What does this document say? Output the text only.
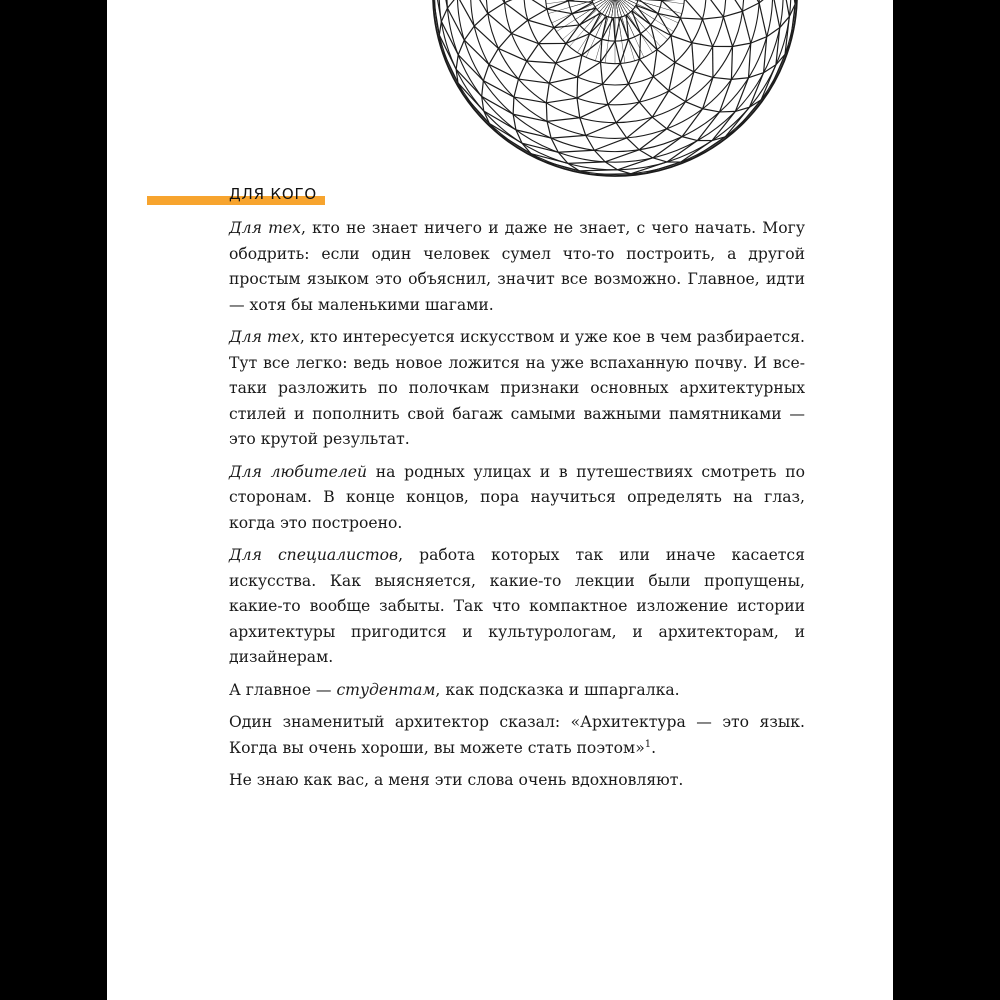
ДЛЯ КОГО

Для тех, кто не знает ничего и даже не знает, с чего начать. Могу ободрить: если один человек сумел что-то построить, а другой простым языком это объяснил, значит все возможно. Главное, идти — хотя бы маленькими шагами.

Для тех, кто интересуется искусством и уже кое в чем разбирается. Тут все легко: ведь новое ложится на уже вспаханную почву. И все-таки разложить по полочкам признаки основных архитектурных стилей и пополнить свой багаж самыми важными памятниками — это крутой результат.

Для любителей на родных улицах и в путешествиях смотреть по сторонам. В конце концов, пора научиться определять на глаз, когда это построено.

Для специалистов, работа которых так или иначе касается искусства. Как выясняется, какие-то лекции были пропущены, какие-то вообще забыты. Так что компактное изложение истории архитектуры пригодится и культурологам, и архитекторам, и дизайнерам.

А главное — студентам, как подсказка и шпаргалка.

Один знаменитый архитектор сказал: «Архитектура — это язык. Когда вы очень хороши, вы можете стать поэтом»$^1$.

Не знаю как вас, а меня эти слова очень вдохновляют.
